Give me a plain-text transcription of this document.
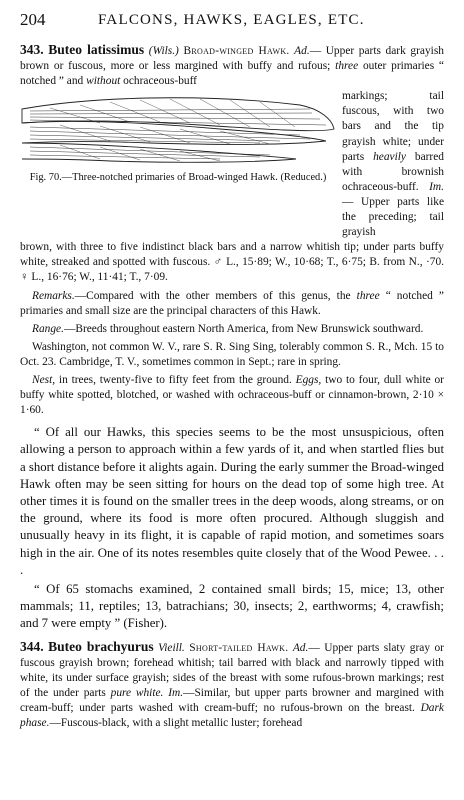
204	FALCONS, HAWKS, EAGLES, ETC.
343. Buteo latissimus (Wils.) Broad-winged Hawk. Ad.— Upper parts dark grayish brown or fuscous, more or less margined with buffy and rufous; three outer primaries “ notched ” and without ochraceous-buff
Fig. 70.—Three-notched primaries of Broad-winged Hawk. (Reduced.)
markings; tail fuscous, with two bars and the tip grayish white; under parts heavily barred with brownish ochraceous-buff. Im. — Upper parts like the preceding; tail grayish

brown, with three to five indistinct black bars and a narrow whitish tip; under parts buffy white, streaked and spotted with fuscous. ♂ L., 15·89; W., 10·68; T., 6·75; B. from N., ·70. ♀ L., 16·76; W., 11·41; T., 7·09.

Remarks.—Compared with the other members of this genus, the three “ notched ” primaries and small size are the principal characters of this Hawk.

Range.—Breeds throughout eastern North America, from New Brunswick southward.

Washington, not common W. V., rare S. R. Sing Sing, tolerably common S. R., Mch. 15 to Oct. 23. Cambridge, T. V., sometimes common in Sept.; rare in spring.

Nest, in trees, twenty-five to fifty feet from the ground. Eggs, two to four, dull white or buffy white spotted, blotched, or washed with ochraceous-buff or cinnamon-brown, 2·10 × 1·60.

“ Of all our Hawks, this species seems to be the most unsuspicious, often allowing a person to approach within a few yards of it, and when startled flies but a short distance before it alights again. During the early summer the Broad-winged Hawk often may be seen sitting for hours on the dead top of some high tree. At other times it is found on the smaller trees in the deep woods, along streams, or on the ground, where its food is more often procured. Although sluggish and unusually heavy in its flight, it is capable of rapid motion, and sometimes soars high in the air. One of its notes resembles quite closely that of the Wood Pewee. . . .

“ Of 65 stomachs examined, 2 contained small birds; 15, mice; 13, other mammals; 11, reptiles; 13, batrachians; 30, insects; 2, earthworms; 4, crawfish; and 7 were empty ” (Fisher).

344. Buteo brachyurus Vieill. Short-tailed Hawk. Ad.— Upper parts slaty gray or fuscous grayish brown; forehead whitish; tail barred with black and narrowly tipped with white, its under surface grayish; sides of the breast with some rufous-brown markings; rest of the under parts pure white. Im.—Similar, but upper parts browner and margined with cream-buff; under parts washed with cream-buff; no rufous-brown on the breast. Dark phase.—Fuscous-black, with a slight metallic luster; forehead
